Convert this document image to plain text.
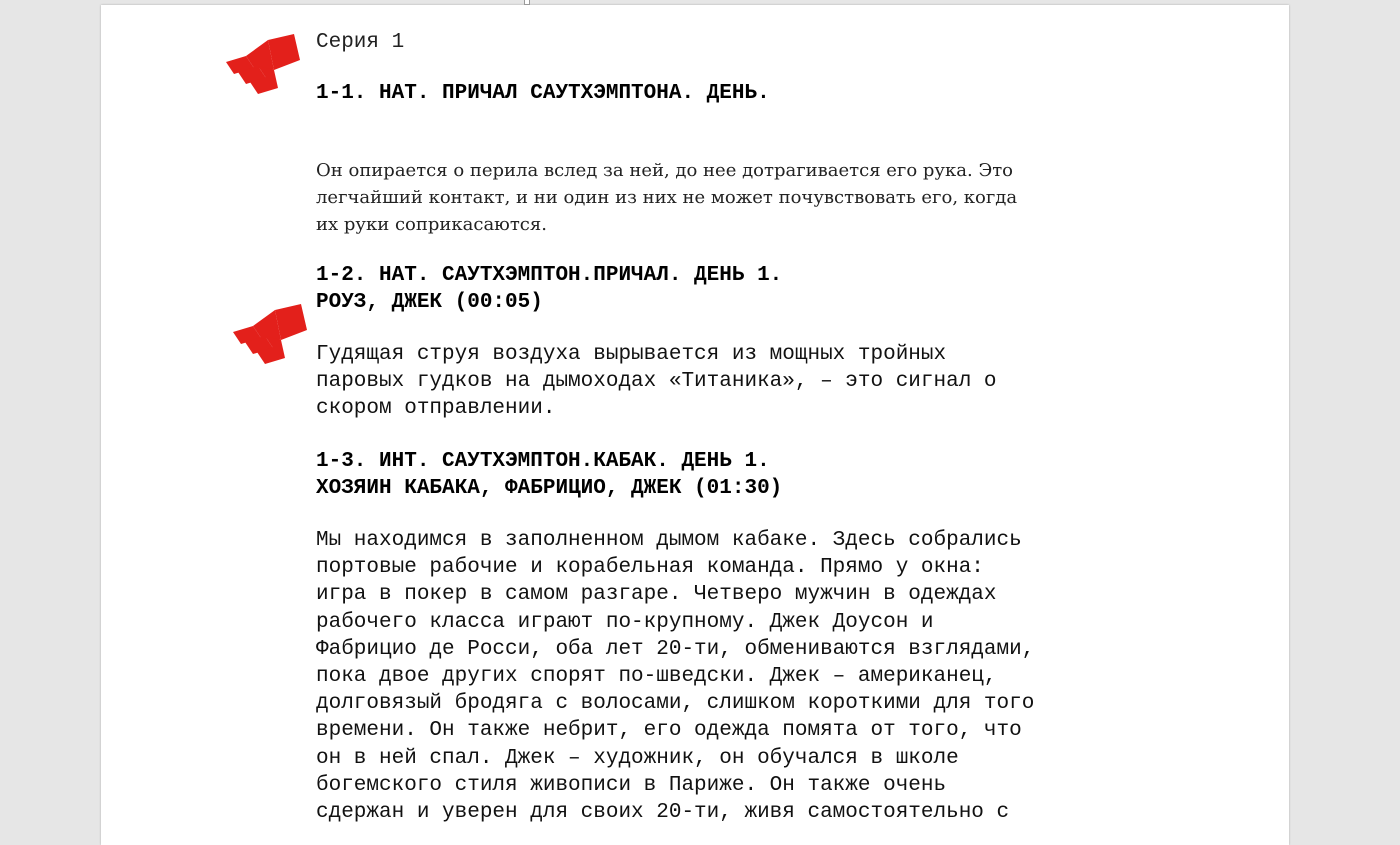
Серия 1

1-1. НАТ. ПРИЧАЛ САУТХЭМПТОНА. ДЕНЬ.

Он опирается о перила вслед за ней, до нее дотрагивается его рука. Это
легчайший контакт, и ни один из них не может почувствовать его, когда
их руки соприкасаются.

1-2. НАТ. САУТХЭМПТОН.ПРИЧАЛ. ДЕНЬ 1.
РОУЗ, ДЖЕК (00:05)

Гудящая струя воздуха вырывается из мощных тройных
паровых гудков на дымоходах «Титаника», – это сигнал о
скором отправлении.

1-3. ИНТ. САУТХЭМПТОН.КАБАК. ДЕНЬ 1.
ХОЗЯИН КАБАКА, ФАБРИЦИО, ДЖЕК (01:30)

Мы находимся в заполненном дымом кабаке. Здесь собрались
портовые рабочие и корабельная команда. Прямо у окна:
игра в покер в самом разгаре. Четверо мужчин в одеждах
рабочего класса играют по-крупному. Джек Доусон и
Фабрицио де Росси, оба лет 20-ти, обмениваются взглядами,
пока двое других спорят по-шведски. Джек – американец,
долговязый бродяга с волосами, слишком короткими для того
времени. Он также небрит, его одежда помята от того, что
он в ней спал. Джек – художник, он обучался в школе
богемского стиля живописи в Париже. Он также очень
сдержан и уверен для своих 20-ти, живя самостоятельно с
